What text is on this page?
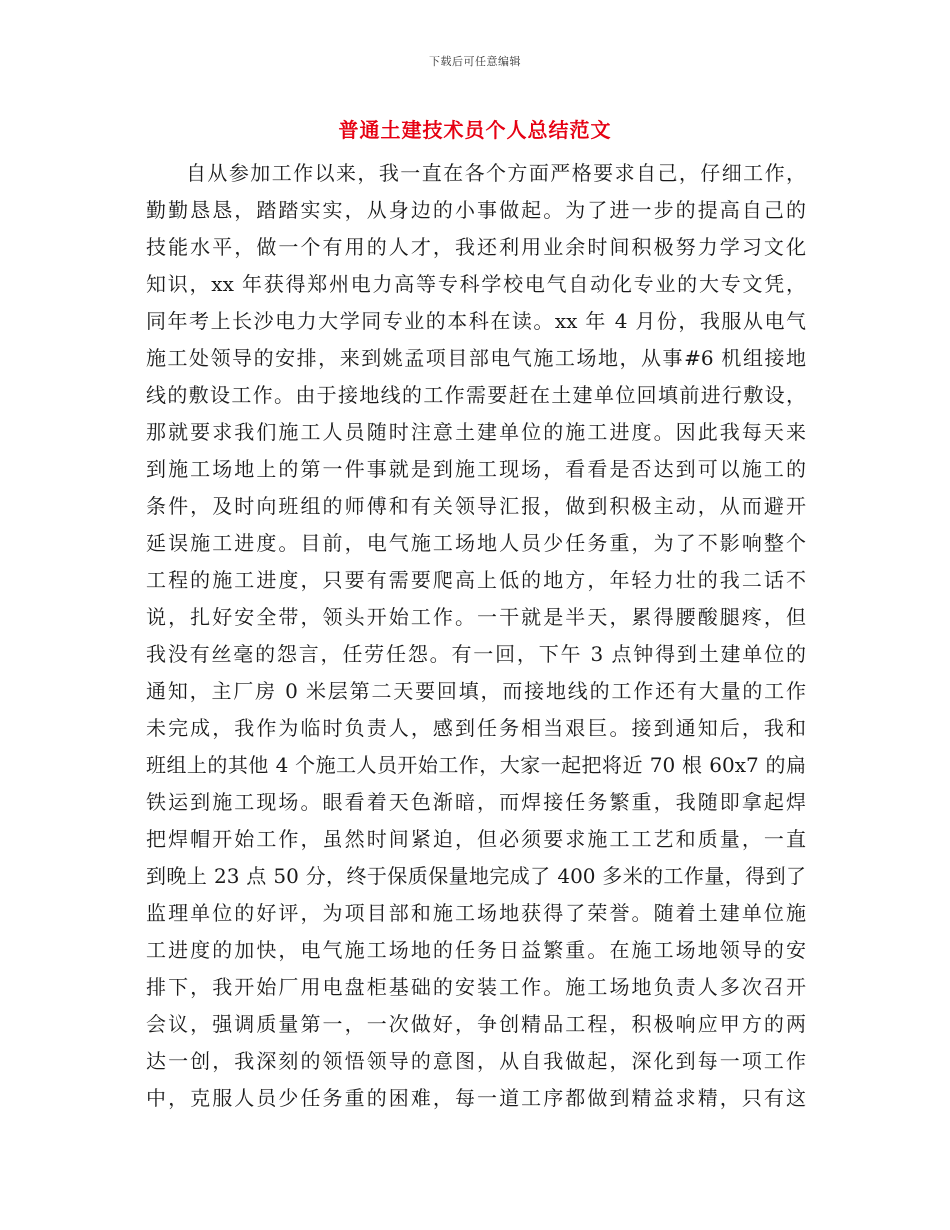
下载后可任意编辑
普通土建技术员个人总结范文
自从参加工作以来，我一直在各个方面严格要求自己，仔细工作，
勤勤恳恳，踏踏实实，从身边的小事做起。为了进一步的提高自己的
技能水平，做一个有用的人才，我还利用业余时间积极努力学习文化
知识，xx 年获得郑州电力高等专科学校电气自动化专业的大专文凭，
同年考上长沙电力大学同专业的本科在读。xx 年 4 月份，我服从电气
施工处领导的安排，来到姚孟项目部电气施工场地，从事#6 机组接地
线的敷设工作。由于接地线的工作需要赶在土建单位回填前进行敷设，
那就要求我们施工人员随时注意土建单位的施工进度。因此我每天来
到施工场地上的第一件事就是到施工现场，看看是否达到可以施工的
条件，及时向班组的师傅和有关领导汇报，做到积极主动，从而避开
延误施工进度。目前，电气施工场地人员少任务重，为了不影响整个
工程的施工进度，只要有需要爬高上低的地方，年轻力壮的我二话不
说，扎好安全带，领头开始工作。一干就是半天，累得腰酸腿疼，但
我没有丝毫的怨言，任劳任怨。有一回，下午 3 点钟得到土建单位的
通知，主厂房 0 米层第二天要回填，而接地线的工作还有大量的工作
未完成，我作为临时负责人，感到任务相当艰巨。接到通知后，我和
班组上的其他 4 个施工人员开始工作，大家一起把将近 70 根 60x7 的扁
铁运到施工现场。眼看着天色渐暗，而焊接任务繁重，我随即拿起焊
把焊帽开始工作，虽然时间紧迫，但必须要求施工工艺和质量，一直
到晚上 23 点 50 分，终于保质保量地完成了 400 多米的工作量，得到了
监理单位的好评，为项目部和施工场地获得了荣誉。随着土建单位施
工进度的加快，电气施工场地的任务日益繁重。在施工场地领导的安
排下，我开始厂用电盘柜基础的安装工作。施工场地负责人多次召开
会议，强调质量第一，一次做好，争创精品工程，积极响应甲方的两
达一创，我深刻的领悟领导的意图，从自我做起，深化到每一项工作
中，克服人员少任务重的困难，每一道工序都做到精益求精，只有这
